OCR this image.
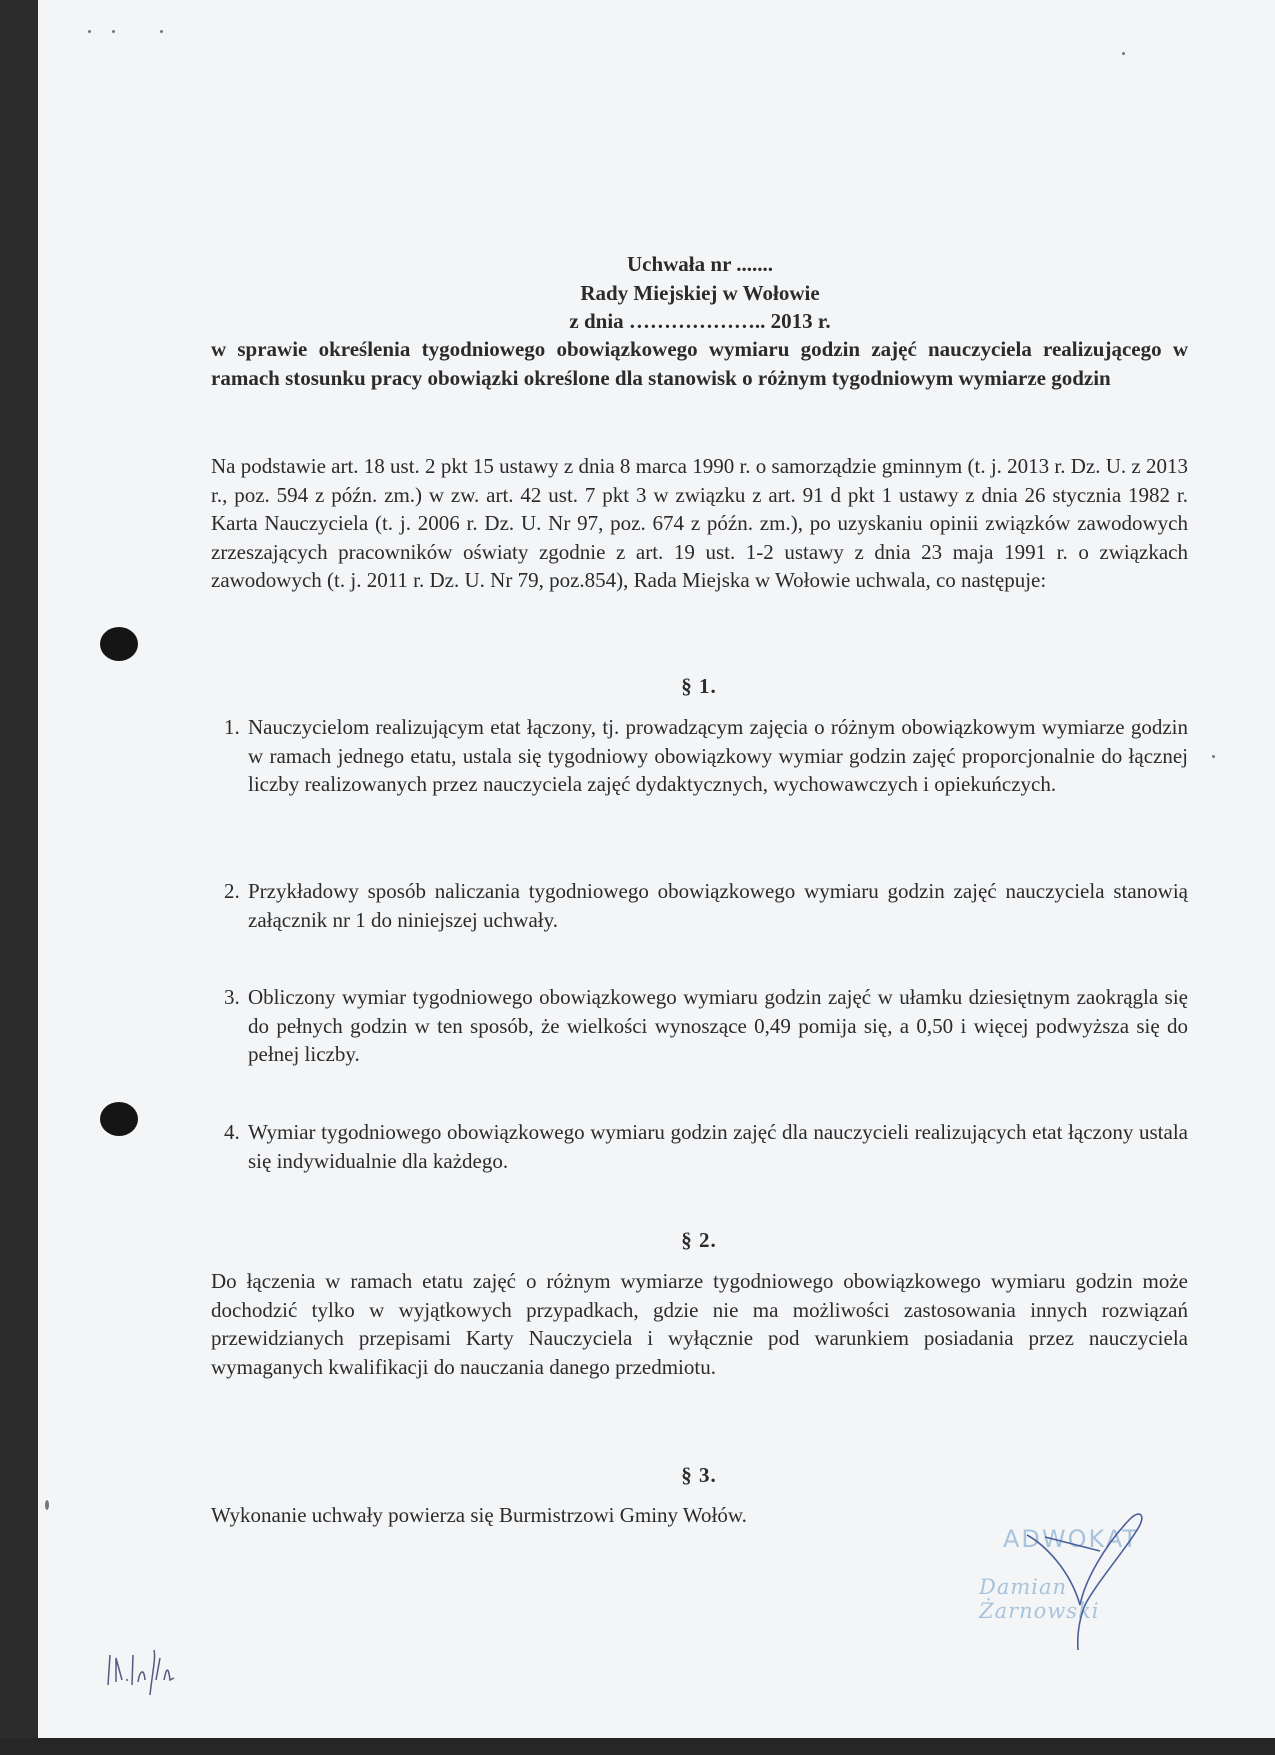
Uchwała nr .......
Rady Miejskiej w Wołowie
z dnia ……………….. 2013 r.
w sprawie określenia tygodniowego obowiązkowego wymiaru godzin zajęć nauczyciela realizującego w ramach stosunku pracy obowiązki określone dla stanowisk o różnym tygodniowym wymiarze godzin
Na podstawie art. 18 ust. 2 pkt 15 ustawy z dnia 8 marca 1990 r. o samorządzie gminnym (t. j. 2013 r. Dz. U. z 2013 r., poz. 594 z późn. zm.) w zw. art. 42 ust. 7 pkt 3 w związku z art. 91 d pkt 1 ustawy z dnia 26 stycznia 1982 r. Karta Nauczyciela (t. j. 2006 r. Dz. U. Nr 97, poz. 674 z późn. zm.), po uzyskaniu opinii związków zawodowych zrzeszających pracowników oświaty zgodnie z art. 19 ust. 1-2 ustawy z dnia 23 maja 1991 r. o związkach zawodowych (t. j. 2011 r. Dz. U. Nr 79, poz.854), Rada Miejska w Wołowie uchwala, co następuje:
§ 1.
1. Nauczycielom realizującym etat łączony, tj. prowadzącym zajęcia o różnym obowiązkowym wymiarze godzin w ramach jednego etatu, ustala się tygodniowy obowiązkowy wymiar godzin zajęć proporcjonalnie do łącznej liczby realizowanych przez nauczyciela zajęć dydaktycznych, wychowawczych i opiekuńczych.
2. Przykładowy sposób naliczania tygodniowego obowiązkowego wymiaru godzin zajęć nauczyciela stanowią załącznik nr 1 do niniejszej uchwały.
3. Obliczony wymiar tygodniowego obowiązkowego wymiaru godzin zajęć w ułamku dziesiętnym zaokrągla się do pełnych godzin w ten sposób, że wielkości wynoszące 0,49 pomija się, a 0,50 i więcej podwyższa się do pełnej liczby.
4. Wymiar tygodniowego obowiązkowego wymiaru godzin zajęć dla nauczycieli realizujących etat łączony ustala się indywidualnie dla każdego.
§ 2.
Do łączenia w ramach etatu zajęć o różnym wymiarze tygodniowego obowiązkowego wymiaru godzin może dochodzić tylko w wyjątkowych przypadkach, gdzie nie ma możliwości zastosowania innych rozwiązań przewidzianych przepisami Karty Nauczyciela i wyłącznie pod warunkiem posiadania przez nauczyciela wymaganych kwalifikacji do nauczania danego przedmiotu.
§ 3.
Wykonanie uchwały powierza się Burmistrzowi Gminy Wołów.
ADWOKAT
Damian Żarnowski
